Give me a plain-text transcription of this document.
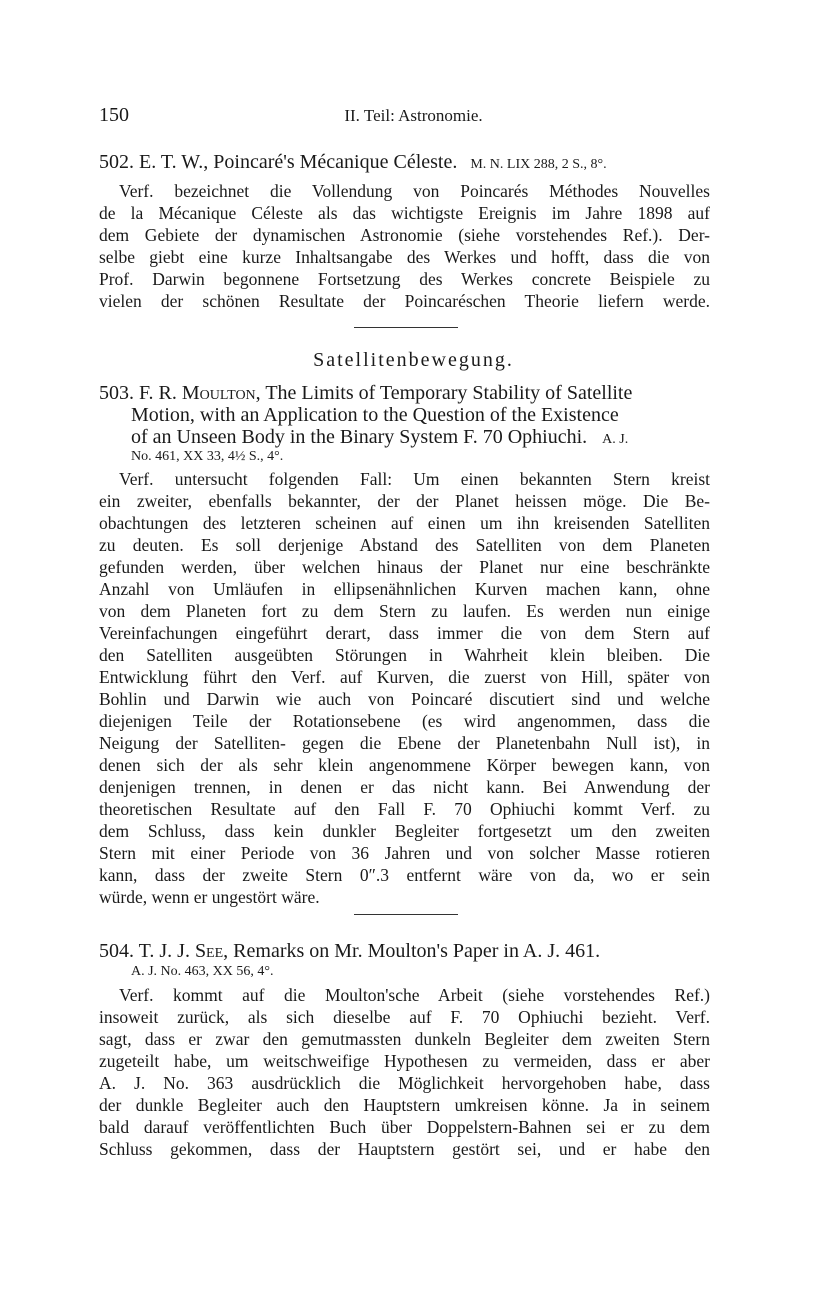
150	II. Teil: Astronomie.
502. E. T. W., Poincaré's Mécanique Céleste. M. N. LIX 288, 2 S., 8°.
Verf. bezeichnet die Vollendung von Poincarés Méthodes Nouvelles
de la Mécanique Céleste als das wichtigste Ereignis im Jahre 1898 auf
dem Gebiete der dynamischen Astronomie (siehe vorstehendes Ref.). Der-
selbe giebt eine kurze Inhaltsangabe des Werkes und hofft, dass die von
Prof. Darwin begonnene Fortsetzung des Werkes concrete Beispiele zu
vielen der schönen Resultate der Poincaréschen Theorie liefern werde.
Satellitenbewegung.
503. F. R. Moulton, The Limits of Temporary Stability of Satellite
Motion, with an Application to the Question of the Existence
of an Unseen Body in the Binary System F. 70 Ophiuchi. A. J.
No. 461, XX 33, 4½ S., 4°.
Verf. untersucht folgenden Fall: Um einen bekannten Stern kreist
ein zweiter, ebenfalls bekannter, der der Planet heissen möge. Die Be-
obachtungen des letzteren scheinen auf einen um ihn kreisenden Satelliten
zu deuten. Es soll derjenige Abstand des Satelliten von dem Planeten
gefunden werden, über welchen hinaus der Planet nur eine beschränkte
Anzahl von Umläufen in ellipsenähnlichen Kurven machen kann, ohne
von dem Planeten fort zu dem Stern zu laufen. Es werden nun einige
Vereinfachungen eingeführt derart, dass immer die von dem Stern auf
den Satelliten ausgeübten Störungen in Wahrheit klein bleiben. Die
Entwicklung führt den Verf. auf Kurven, die zuerst von Hill, später von
Bohlin und Darwin wie auch von Poincaré discutiert sind und welche
diejenigen Teile der Rotationsebene (es wird angenommen, dass die
Neigung der Satelliten- gegen die Ebene der Planetenbahn Null ist), in
denen sich der als sehr klein angenommene Körper bewegen kann, von
denjenigen trennen, in denen er das nicht kann. Bei Anwendung der
theoretischen Resultate auf den Fall F. 70 Ophiuchi kommt Verf. zu
dem Schluss, dass kein dunkler Begleiter fortgesetzt um den zweiten
Stern mit einer Periode von 36 Jahren und von solcher Masse rotieren
kann, dass der zweite Stern 0″.3 entfernt wäre von da, wo er sein
würde, wenn er ungestört wäre.
504. T. J. J. See, Remarks on Mr. Moulton's Paper in A. J. 461.
A. J. No. 463, XX 56, 4°.
Verf. kommt auf die Moulton'sche Arbeit (siehe vorstehendes Ref.)
insoweit zurück, als sich dieselbe auf F. 70 Ophiuchi bezieht. Verf.
sagt, dass er zwar den gemutmassten dunkeln Begleiter dem zweiten Stern
zugeteilt habe, um weitschweifige Hypothesen zu vermeiden, dass er aber
A. J. No. 363 ausdrücklich die Möglichkeit hervorgehoben habe, dass
der dunkle Begleiter auch den Hauptstern umkreisen könne. Ja in seinem
bald darauf veröffentlichten Buch über Doppelstern-Bahnen sei er zu dem
Schluss gekommen, dass der Hauptstern gestört sei, und er habe den
